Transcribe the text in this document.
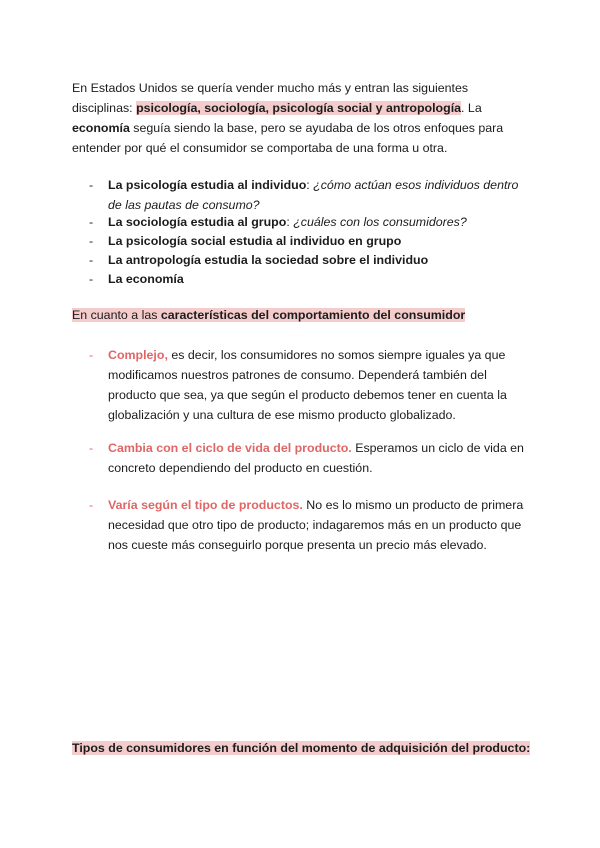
En Estados Unidos se quería vender mucho más y entran las siguientes disciplinas: psicología, sociología, psicología social y antropología. La economía seguía siendo la base, pero se ayudaba de los otros enfoques para entender por qué el consumidor se comportaba de una forma u otra.
-	La psicología estudia al individuo: ¿cómo actúan esos individuos dentro de las pautas de consumo?
-	La sociología estudia al grupo: ¿cuáles con los consumidores?
-	La psicología social estudia al individuo en grupo
-	La antropología estudia la sociedad sobre el individuo
-	La economía
En cuanto a las características del comportamiento del consumidor
-	Complejo, es decir, los consumidores no somos siempre iguales ya que modificamos nuestros patrones de consumo. Dependerá también del producto que sea, ya que según el producto debemos tener en cuenta la globalización y una cultura de ese mismo producto globalizado.
-	Cambia con el ciclo de vida del producto. Esperamos un ciclo de vida en concreto dependiendo del producto en cuestión.
-	Varía según el tipo de productos. No es lo mismo un producto de primera necesidad que otro tipo de producto; indagaremos más en un producto que nos cueste más conseguirlo porque presenta un precio más elevado.
Tipos de consumidores en función del momento de adquisición del producto:
